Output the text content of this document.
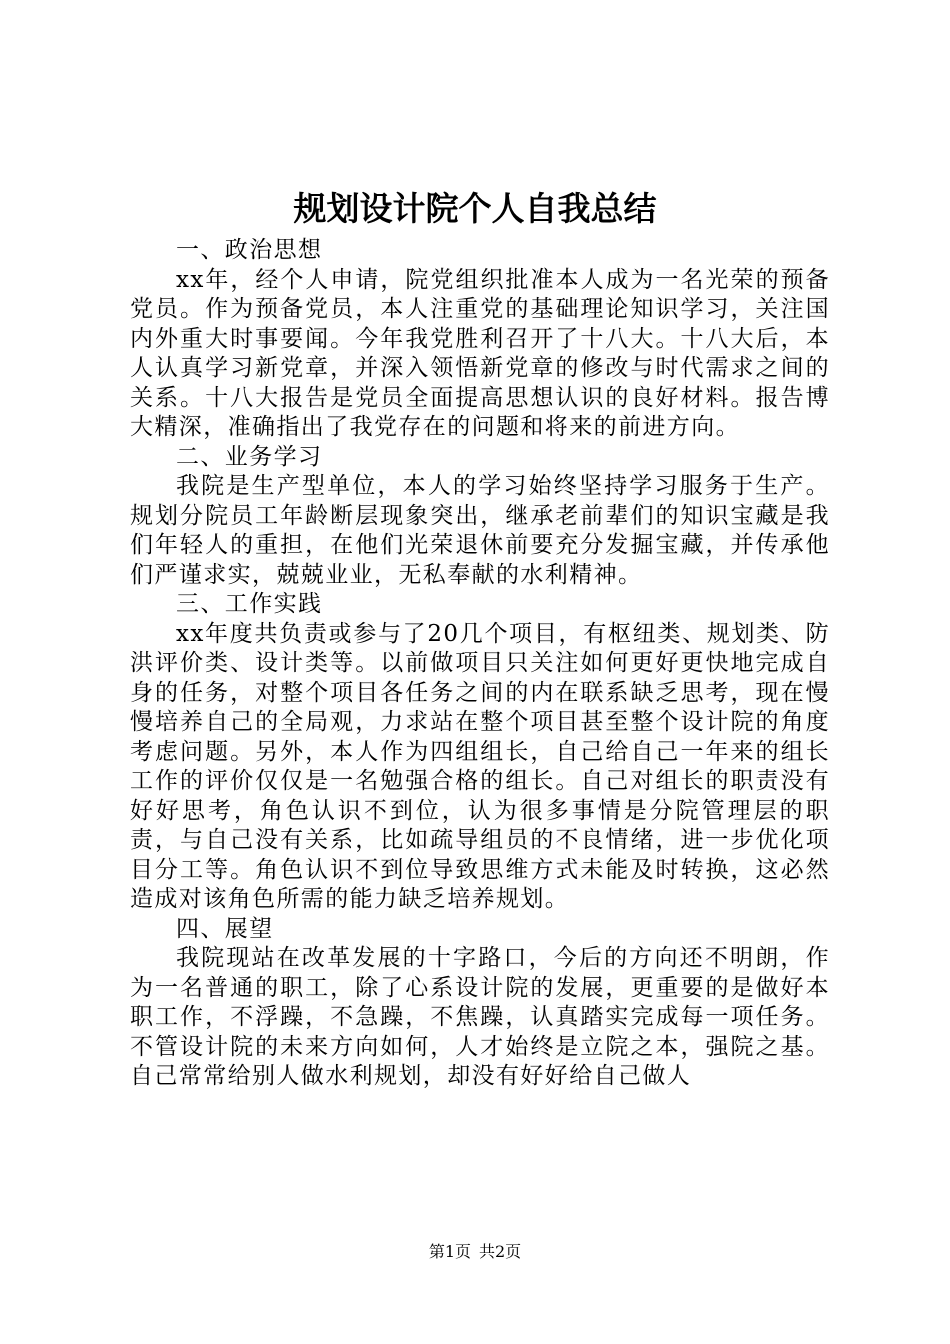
规划设计院个人自我总结

一、政治思想

xx年，经个人申请，院党组织批准本人成为一名光荣的预备党员。作为预备党员，本人注重党的基础理论知识学习，关注国内外重大时事要闻。今年我党胜利召开了十八大。十八大后，本人认真学习新党章，并深入领悟新党章的修改与时代需求之间的关系。十八大报告是党员全面提高思想认识的良好材料。报告博大精深，准确指出了我党存在的问题和将来的前进方向。

二、业务学习

我院是生产型单位，本人的学习始终坚持学习服务于生产。规划分院员工年龄断层现象突出，继承老前辈们的知识宝藏是我们年轻人的重担，在他们光荣退休前要充分发掘宝藏，并传承他们严谨求实，兢兢业业，无私奉献的水利精神。

三、工作实践

xx年度共负责或参与了20几个项目，有枢纽类、规划类、防洪评价类、设计类等。以前做项目只关注如何更好更快地完成自身的任务，对整个项目各任务之间的内在联系缺乏思考，现在慢慢培养自己的全局观，力求站在整个项目甚至整个设计院的角度考虑问题。另外，本人作为四组组长，自己给自己一年来的组长工作的评价仅仅是一名勉强合格的组长。自己对组长的职责没有好好思考，角色认识不到位，认为很多事情是分院管理层的职责，与自己没有关系，比如疏导组员的不良情绪，进一步优化项目分工等。角色认识不到位导致思维方式未能及时转换，这必然造成对该角色所需的能力缺乏培养规划。

四、展望

我院现站在改革发展的十字路口，今后的方向还不明朗，作为一名普通的职工，除了心系设计院的发展，更重要的是做好本职工作，不浮躁，不急躁，不焦躁，认真踏实完成每一项任务。不管设计院的未来方向如何，人才始终是立院之本，强院之基。自己常常给别人做水利规划，却没有好好给自己做人

第1页 共2页
